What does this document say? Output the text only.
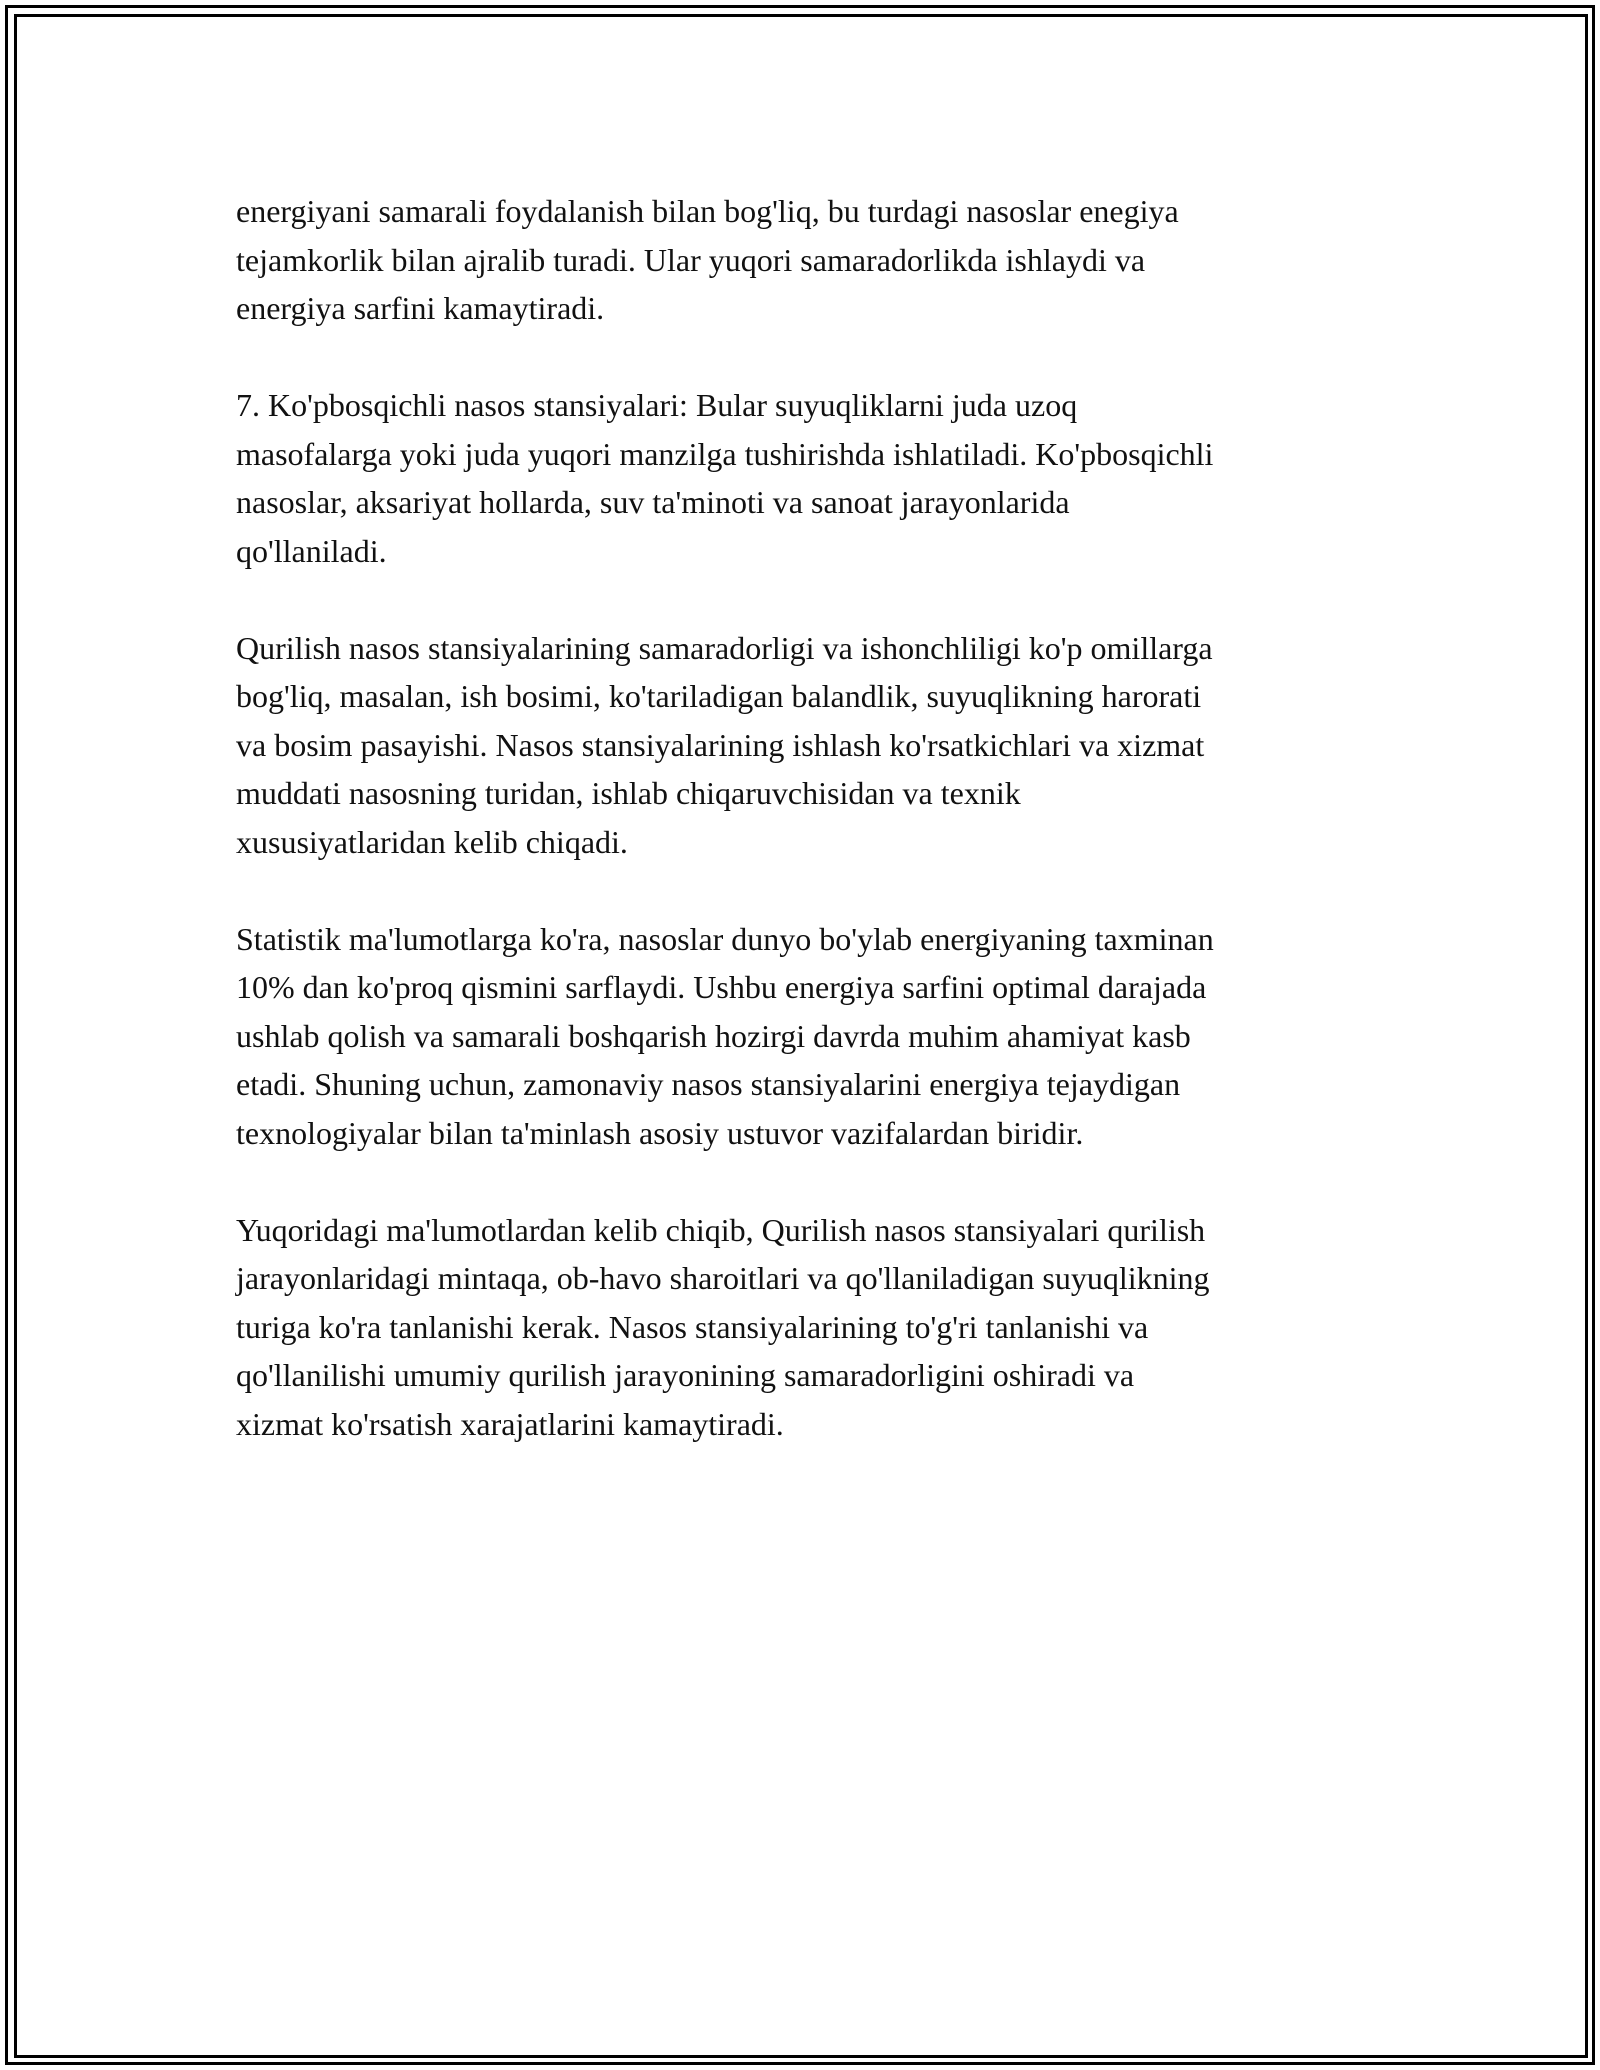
energiyani samarali foydalanish bilan bog'liq, bu turdagi nasoslar enegiya
tejamkorlik bilan ajralib turadi. Ular yuqori samaradorlikda ishlaydi va
energiya sarfini kamaytiradi.

7. Ko'pbosqichli nasos stansiyalari: Bular suyuqliklarni juda uzoq
masofalarga yoki juda yuqori manzilga tushirishda ishlatiladi. Ko'pbosqichli
nasoslar, aksariyat hollarda, suv ta'minoti va sanoat jarayonlarida
qo'llaniladi.

Qurilish nasos stansiyalarining samaradorligi va ishonchliligi ko'p omillarga
bog'liq, masalan, ish bosimi, ko'tariladigan balandlik, suyuqlikning harorati
va bosim pasayishi. Nasos stansiyalarining ishlash ko'rsatkichlari va xizmat
muddati nasosning turidan, ishlab chiqaruvchisidan va texnik
xususiyatlaridan kelib chiqadi.

Statistik ma'lumotlarga ko'ra, nasoslar dunyo bo'ylab energiyaning taxminan
10% dan ko'proq qismini sarflaydi. Ushbu energiya sarfini optimal darajada
ushlab qolish va samarali boshqarish hozirgi davrda muhim ahamiyat kasb
etadi. Shuning uchun, zamonaviy nasos stansiyalarini energiya tejaydigan
texnologiyalar bilan ta'minlash asosiy ustuvor vazifalardan biridir.

Yuqoridagi ma'lumotlardan kelib chiqib, Qurilish nasos stansiyalari qurilish
jarayonlaridagi mintaqa, ob-havo sharoitlari va qo'llaniladigan suyuqlikning
turiga ko'ra tanlanishi kerak. Nasos stansiyalarining to'g'ri tanlanishi va
qo'llanilishi umumiy qurilish jarayonining samaradorligini oshiradi va
xizmat ko'rsatish xarajatlarini kamaytiradi.
